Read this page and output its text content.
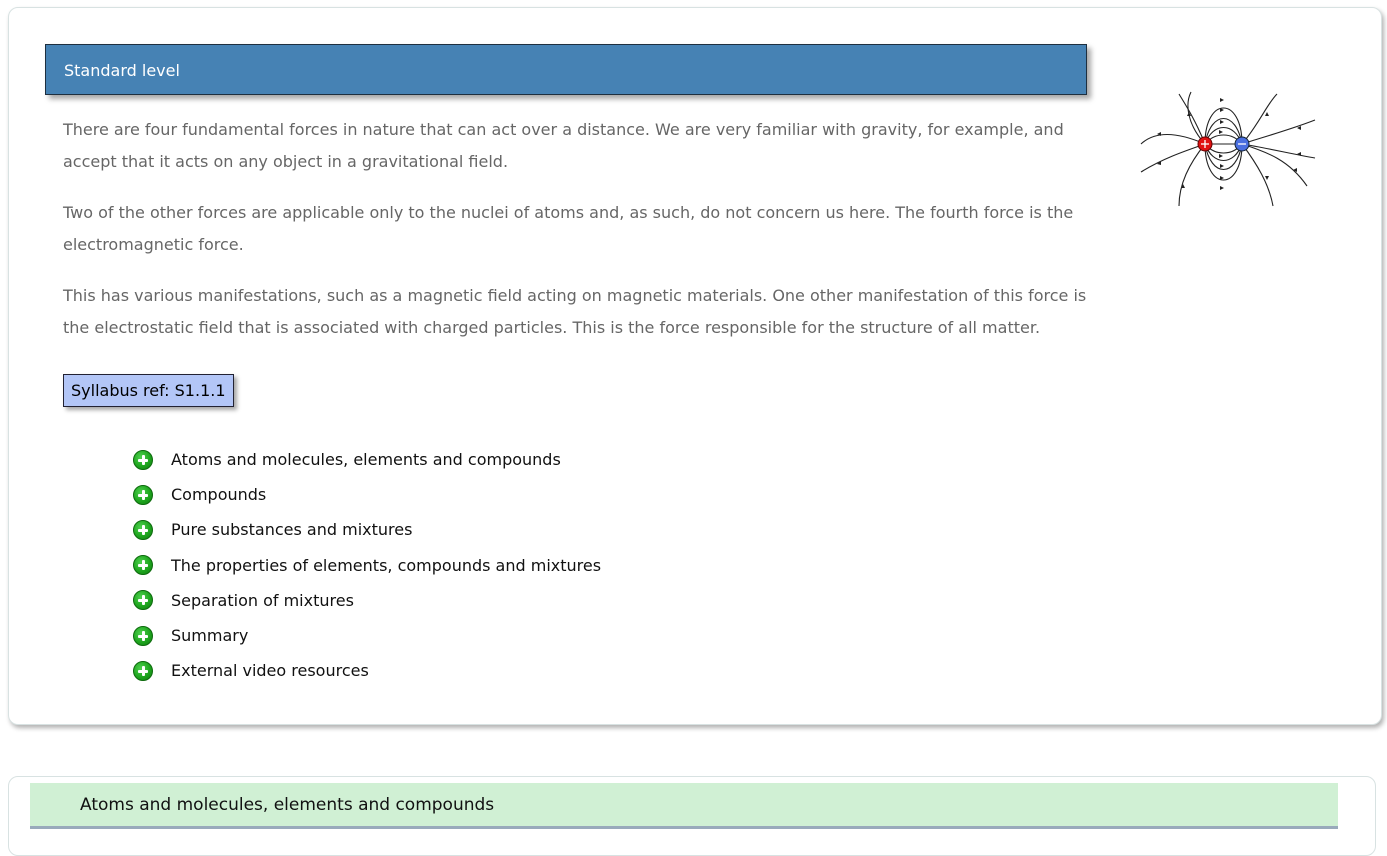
Standard level

There are four fundamental forces in nature that can act over a distance. We are very familiar with gravity, for example, and accept that it acts on any object in a gravitational field.

Two of the other forces are applicable only to the nuclei of atoms and, as such, do not concern us here. The fourth force is the electromagnetic force.

This has various manifestations, such as a magnetic field acting on magnetic materials. One other manifestation of this force is the electrostatic field that is associated with charged particles. This is the force responsible for the structure of all matter.

Syllabus ref: S1.1.1
Atoms and molecules, elements and compounds
Compounds
Pure substances and mixtures
The properties of elements, compounds and mixtures
Separation of mixtures
Summary
External video resources
Atoms and molecules, elements and compounds
